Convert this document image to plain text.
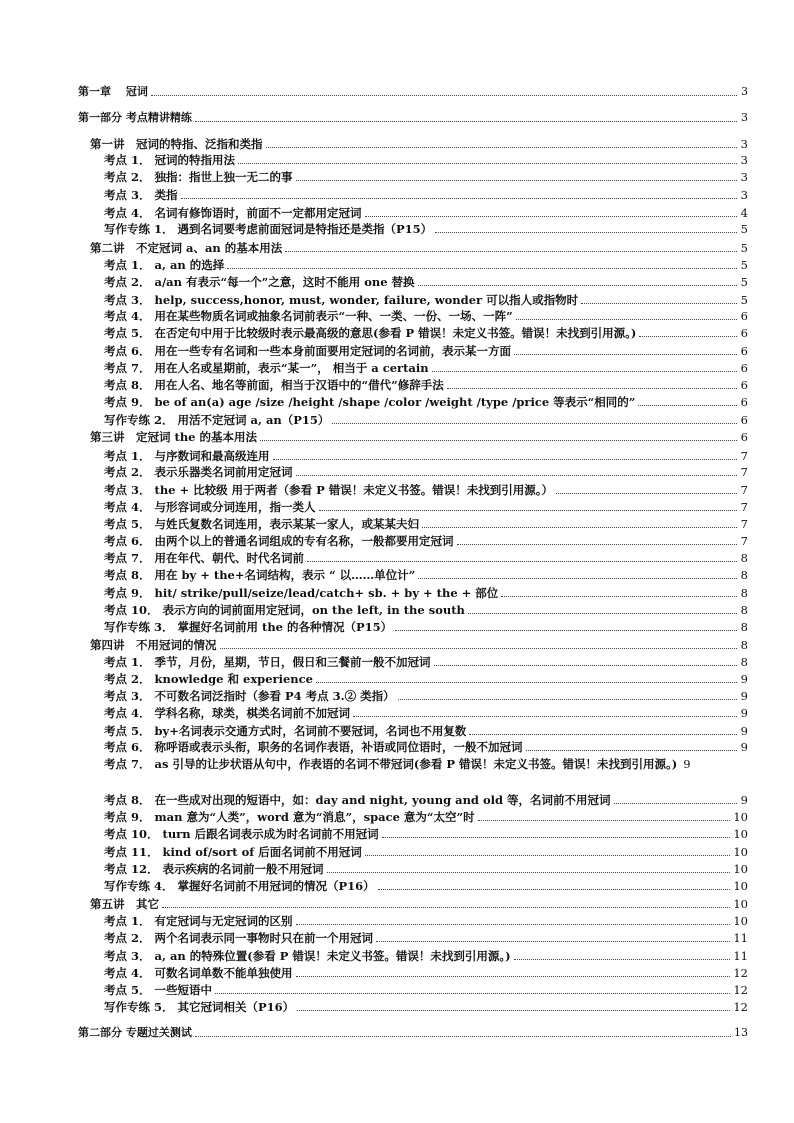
第一章　 冠词	3
第一部分 考点精讲精练	3
第一讲　冠词的特指、泛指和类指	3
考点 1． 冠词的特指用法	3
考点 2． 独指：指世上独一无二的事	3
考点 3． 类指	3
考点 4． 名词有修饰语时，前面不一定都用定冠词	4
写作专练 1． 遇到名词要考虑前面冠词是特指还是类指（P15）	5
第二讲　不定冠词 a、an 的基本用法	5
考点 1． a, an 的选择	5
考点 2． a/an 有表示“每一个”之意，这时不能用 one 替换	5
考点 3． help, success,honor, must, wonder, failure, wonder 可以指人或指物时	5
考点 4． 用在某些物质名词或抽象名词前表示“一种、一类、一份、一场、一阵”	6
考点 5． 在否定句中用于比较级时表示最高级的意思(参看 P 错误！未定义书签。错误！未找到引用源。)	6
考点 6． 用在一些专有名词和一些本身前面要用定冠词的名词前，表示某一方面	6
考点 7． 用在人名或星期前，表示“某一”， 相当于 a certain	6
考点 8． 用在人名、地名等前面，相当于汉语中的“借代”修辞手法	6
考点 9． be of an(a) age /size /height /shape /color /weight /type /price 等表示“相同的”	6
写作专练 2． 用活不定冠词 a, an（P15）	6
第三讲　定冠词 the 的基本用法	6
考点 1． 与序数词和最高级连用	7
考点 2． 表示乐器类名词前用定冠词	7
考点 3． the + 比较级 用于两者（参看 P 错误！未定义书签。错误！未找到引用源。）	7
考点 4． 与形容词或分词连用，指一类人	7
考点 5． 与姓氏复数名词连用，表示某某一家人，或某某夫妇	7
考点 6． 由两个以上的普通名词组成的专有名称，一般都要用定冠词	7
考点 7． 用在年代、朝代、时代名词前	8
考点 8． 用在 by + the+名词结构，表示 “ 以……单位计”	8
考点 9． hit/ strike/pull/seize/lead/catch+ sb. + by + the + 部位	8
考点 10． 表示方向的词前面用定冠词，on the left, in the south	8
写作专练 3． 掌握好名词前用 the 的各种情况（P15）	8
第四讲　不用冠词的情况	8
考点 1． 季节，月份，星期，节日，假日和三餐前一般不加冠词	8
考点 2． knowledge 和 experience	9
考点 3． 不可数名词泛指时（参看 P4 考点 3.② 类指）	9
考点 4． 学科名称，球类，棋类名词前不加冠词	9
考点 5． by+名词表示交通方式时，名词前不要冠词，名词也不用复数	9
考点 6． 称呼语或表示头衔，职务的名词作表语，补语或同位语时，一般不加冠词	9
考点 7． as 引导的让步状语从句中，作表语的名词不带冠词(参看 P 错误！未定义书签。错误！未找到引用源。) 9
考点 8． 在一些成对出现的短语中，如：day and night, young and old 等，名词前不用冠词	9
考点 9． man 意为“人类”，word 意为“消息”，space 意为“太空”时	10
考点 10． turn 后跟名词表示成为时名词前不用冠词	10
考点 11． kind of/sort of 后面名词前不用冠词	10
考点 12． 表示疾病的名词前一般不用冠词	10
写作专练 4． 掌握好名词前不用冠词的情况（P16）	10
第五讲　其它	10
考点 1． 有定冠词与无定冠词的区别	10
考点 2． 两个名词表示同一事物时只在前一个用冠词	11
考点 3． a, an 的特殊位置(参看 P 错误！未定义书签。错误！未找到引用源。)	11
考点 4． 可数名词单数不能单独使用	12
考点 5． 一些短语中	12
写作专练 5． 其它冠词相关（P16）	12
第二部分 专题过关测试	13
